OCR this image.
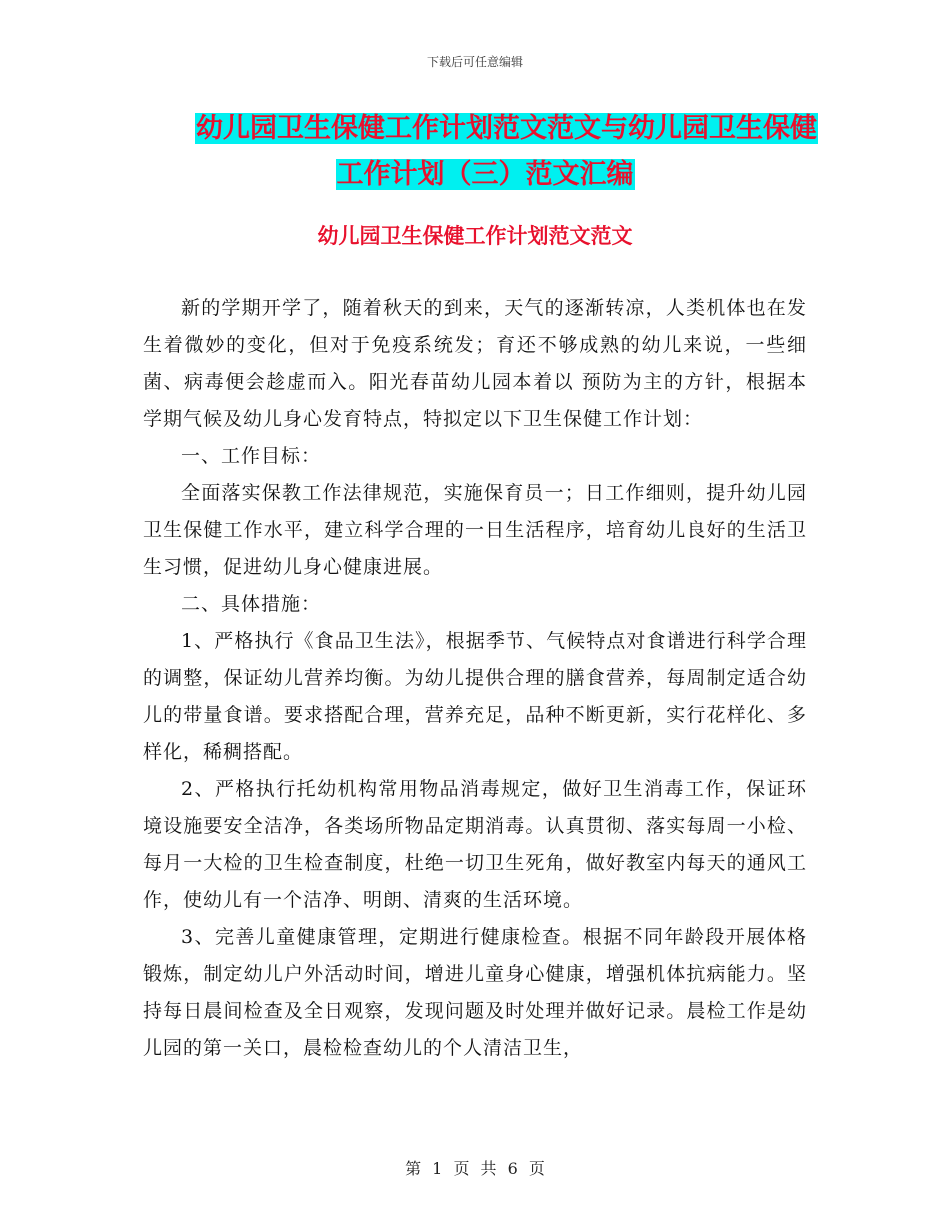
下载后可任意编辑
幼儿园卫生保健工作计划范文范文与幼儿园卫生保健
工作计划（三）范文汇编
幼儿园卫生保健工作计划范文范文

新的学期开学了，随着秋天的到来，天气的逐渐转凉，人类机体也在发生着微妙的变化，但对于免疫系统发；育还不够成熟的幼儿来说，一些细菌、病毒便会趁虚而入。阳光春苗幼儿园本着以 预防为主的方针，根据本学期气候及幼儿身心发育特点，特拟定以下卫生保健工作计划：

一、工作目标：

全面落实保教工作法律规范，实施保育员一；日工作细则，提升幼儿园卫生保健工作水平，建立科学合理的一日生活程序，培育幼儿良好的生活卫生习惯，促进幼儿身心健康进展。

二、具体措施：

1、严格执行《食品卫生法》，根据季节、气候特点对食谱进行科学合理的调整，保证幼儿营养均衡。为幼儿提供合理的膳食营养，每周制定适合幼儿的带量食谱。要求搭配合理，营养充足，品种不断更新，实行花样化、多样化，稀稠搭配。

2、严格执行托幼机构常用物品消毒规定，做好卫生消毒工作，保证环境设施要安全洁净，各类场所物品定期消毒。认真贯彻、落实每周一小检、每月一大检的卫生检查制度，杜绝一切卫生死角，做好教室内每天的通风工作，使幼儿有一个洁净、明朗、清爽的生活环境。

3、完善儿童健康管理，定期进行健康检查。根据不同年龄段开展体格锻炼，制定幼儿户外活动时间，增进儿童身心健康，增强机体抗病能力。坚持每日晨间检查及全日观察，发现问题及时处理并做好记录。晨检工作是幼儿园的第一关口，晨检检查幼儿的个人清洁卫生，

第 1 页 共 6 页
